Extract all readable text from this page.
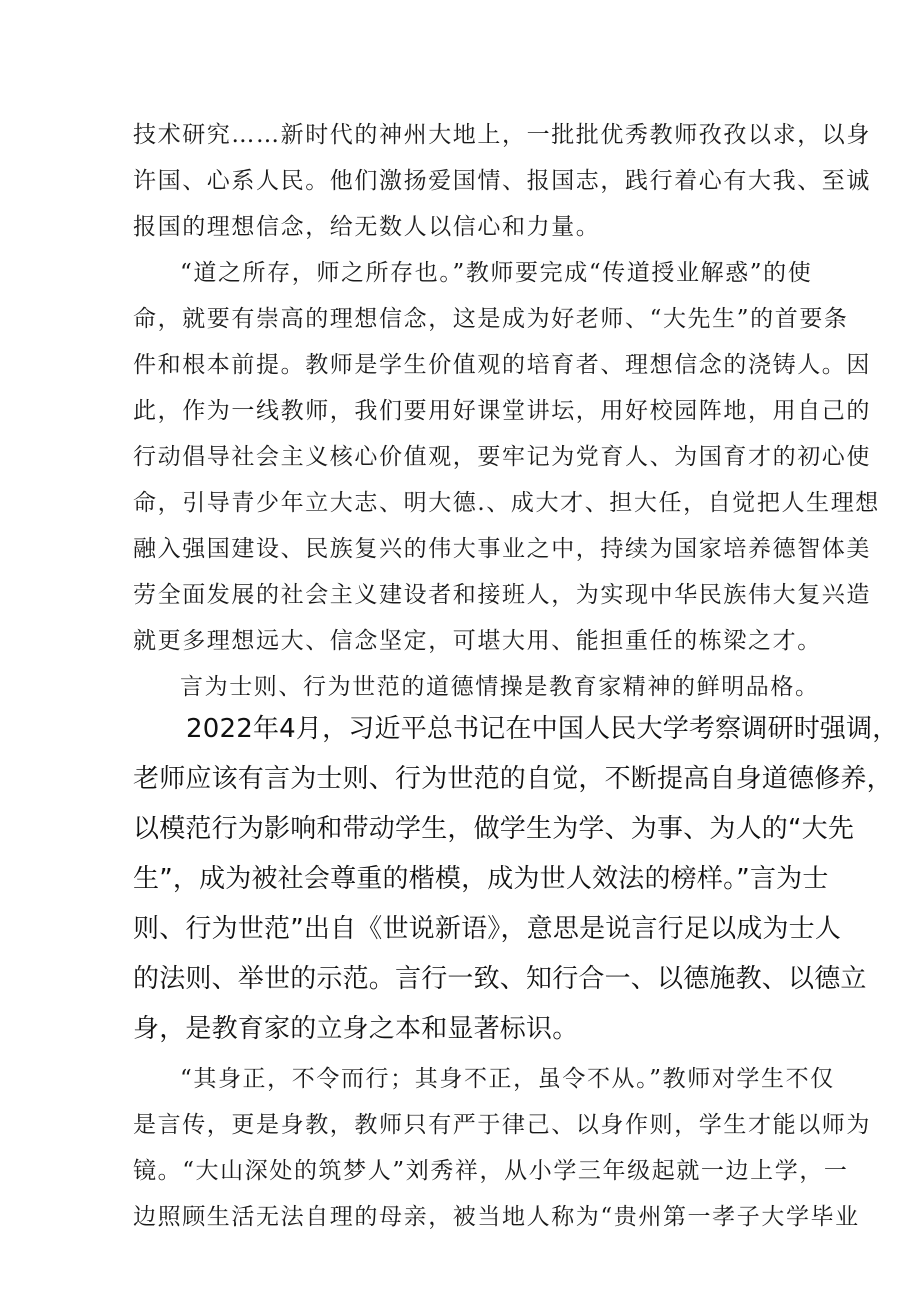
技术研究……新时代的神州大地上，一批批优秀教师孜孜以求，以身
许国、心系人民。他们激扬爱国情、报国志，践行着心有大我、至诚
报国的理想信念，给无数人以信心和力量。
“道之所存，师之所存也。”教师要完成“传道授业解惑”的使
命，就要有崇高的理想信念，这是成为好老师、“大先生”的首要条
件和根本前提。教师是学生价值观的培育者、理想信念的浇铸人。因
此，作为一线教师，我们要用好课堂讲坛，用好校园阵地，用自己的
行动倡导社会主义核心价值观，要牢记为党育人、为国育才的初心使
命，引导青少年立大志、明大德.、成大才、担大任，自觉把人生理想
融入强国建设、民族复兴的伟大事业之中，持续为国家培养德智体美
劳全面发展的社会主义建设者和接班人，为实现中华民族伟大复兴造
就更多理想远大、信念坚定，可堪大用、能担重任的栋梁之才。
言为士则、行为世范的道德情操是教育家精神的鲜明品格。
2022年4月，习近平总书记在中国人民大学考察调研时强调，
老师应该有言为士则、行为世范的自觉，不断提高自身道德修养，
以模范行为影响和带动学生，做学生为学、为事、为人的“大先
生”，成为被社会尊重的楷模，成为世人效法的榜样。”言为士
则、行为世范”出自《世说新语》，意思是说言行足以成为士人
的法则、举世的示范。言行一致、知行合一、以德施教、以德立
身，是教育家的立身之本和显著标识。
“其身正，不令而行；其身不正，虽令不从。”教师对学生不仅
是言传，更是身教，教师只有严于律己、以身作则，学生才能以师为
镜。“大山深处的筑梦人”刘秀祥，从小学三年级起就一边上学，一
边照顾生活无法自理的母亲，被当地人称为“贵州第一孝子大学毕业
